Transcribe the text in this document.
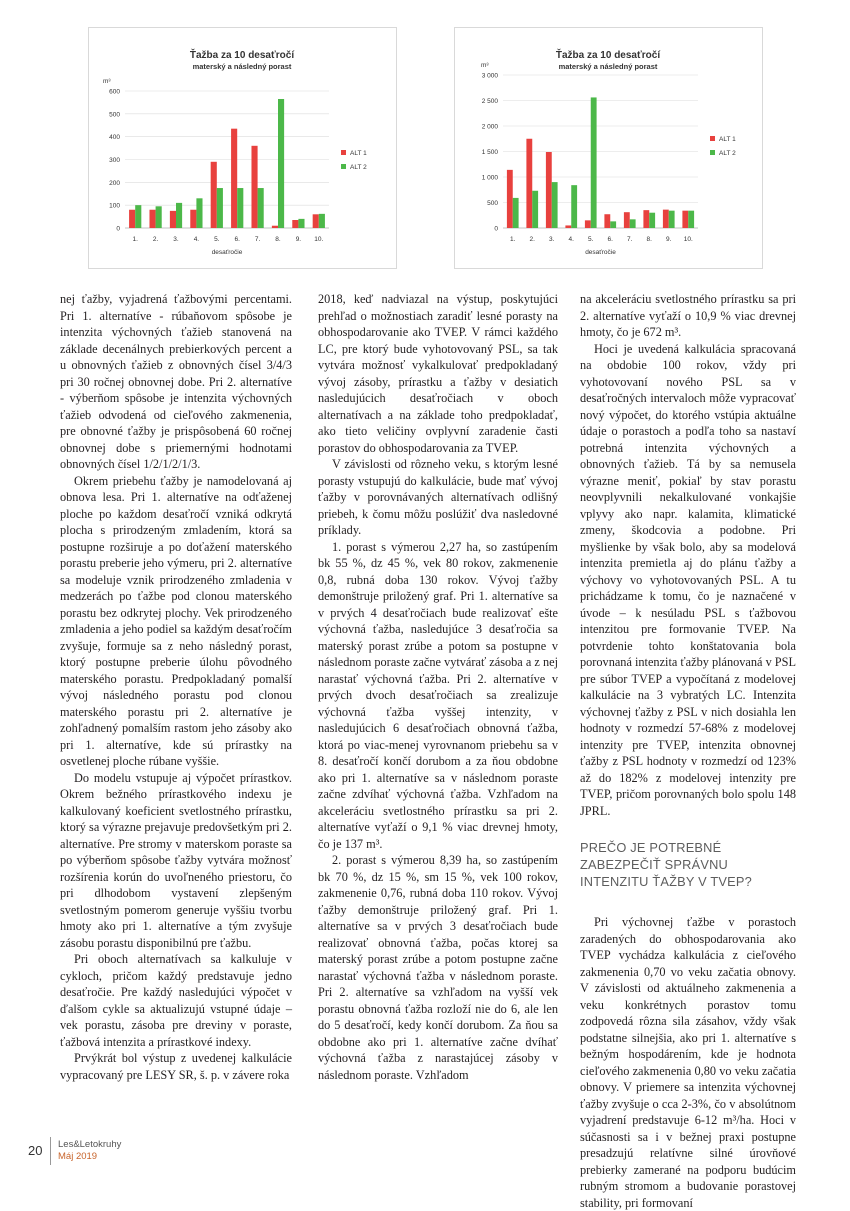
Ťažba za 10 desaťročí
materský a následný porast
m³
0
100
200
300
400
500
600
1. 2. 3. 4. 5. 6. 7. 8. 9. 10.
desaťročie
ALT 1
ALT 2
Ťažba za 10 desaťročí
materský a následný porast
m³
0
500
1 000
1 500
2 000
2 500
3 000
1. 2. 3. 4. 5. 6. 7. 8. 9. 10.
desaťročie
ALT 1
ALT 2

nej ťažby, vyjadrená ťažbovými percentami. Pri 1. alternatíve - rúbaňovom spôsobe je intenzita výchovných ťažieb stanovená na základe decenálnych prebierkových percent a u obnovných ťažieb z obnovných čísel 3/4/3 pri 30 ročnej obnovnej dobe. Pri 2. alternatíve - výberňom spôsobe je intenzita výchovných ťažieb odvodená od cieľového zakmenenia, pre obnovné ťažby je prispôsobená 60 ročnej obnovnej dobe s priemernými hodnotami obnovných čísel 1/2/1/2/1/3.

Okrem priebehu ťažby je namodelovaná aj obnova lesa. Pri 1. alternatíve na odťaženej ploche po každom desaťročí vzniká odkrytá plocha s prirodzeným zmladením, ktorá sa postupne rozširuje a po doťažení materského porastu preberie jeho výmeru, pri 2. alternatíve sa modeluje vznik prirodzeného zmladenia v medzerách po ťažbe pod clonou materského porastu bez odkrytej plochy. Vek prirodzeného zmladenia a jeho podiel sa každým desaťročím zvyšuje, formuje sa z neho následný porast, ktorý postupne preberie úlohu pôvodného materského porastu. Predpokladaný pomalší vývoj následného porastu pod clonou materského porastu pri 2. alternatíve je zohľadnený pomalším rastom jeho zásoby ako pri 1. alternatíve, kde sú prírastky na osvetlenej ploche rúbane vyššie.

Do modelu vstupuje aj výpočet prírastkov. Okrem bežného prírastkového indexu je kalkulovaný koeficient svetlostného prírastku, ktorý sa výrazne prejavuje predovšetkým pri 2. alternatíve. Pre stromy v materskom poraste sa po výberňom spôsobe ťažby vytvára možnosť rozšírenia korún do uvoľneného priestoru, čo pri dlhodobom vystavení zlepšeným svetlostným pomerom generuje vyššiu tvorbu hmoty ako pri 1. alternatíve a tým zvyšuje zásobu porastu disponibilnú pre ťažbu.

Pri oboch alternatívach sa kalkuluje v cykloch, pričom každý predstavuje jedno desaťročie. Pre každý nasledujúci výpočet v ďalšom cykle sa aktualizujú vstupné údaje – vek porastu, zásoba pre dreviny v poraste, ťažbová intenzita a prírastkové indexy.

Prvýkrát bol výstup z uvedenej kalkulácie vypracovaný pre LESY SR, š. p. v závere roka

2018, keď nadviazal na výstup, poskytujúci prehľad o možnostiach zaradiť lesné porasty na obhospodarovanie ako TVEP. V rámci každého LC, pre ktorý bude vyhotovovaný PSL, sa tak vytvára možnosť vykalkulovať predpokladaný vývoj zásoby, prírastku a ťažby v desiatich nasledujúcich desaťročiach v oboch alternatívach a na základe toho predpokladať, ako tieto veličiny ovplyvní zaradenie časti porastov do obhospodarovania za TVEP.

V závislosti od rôzneho veku, s ktorým lesné porasty vstupujú do kalkulácie, bude mať vývoj ťažby v porovnávaných alternatívach odlišný priebeh, k čomu môžu poslúžiť dva nasledovné príklady.

1. porast s výmerou 2,27 ha, so zastúpením bk 55 %, dz 45 %, vek 80 rokov, zakmenenie 0,8, rubná doba 130 rokov. Vývoj ťažby demonštruje priložený graf. Pri 1. alternatíve sa v prvých 4 desaťročiach bude realizovať ešte výchovná ťažba, nasledujúce 3 desaťročia sa materský porast zrúbe a potom sa postupne v následnom poraste začne vytvárať zásoba a z nej narastať výchovná ťažba. Pri 2. alternatíve v prvých dvoch desaťročiach sa zrealizuje výchovná ťažba vyššej intenzity, v nasledujúcich 6 desaťročiach obnovná ťažba, ktorá po viac-menej vyrovnanom priebehu sa v 8. desaťročí končí dorubom a za ňou obdobne ako pri 1. alternatíve sa v následnom poraste začne zdvíhať výchovná ťažba. Vzhľadom na akceleráciu svetlostného prírastku sa pri 2. alternatíve vyťaží o 9,1 % viac drevnej hmoty, čo je 137 m³.

2. porast s výmerou 8,39 ha, so zastúpením bk 70 %, dz 15 %, sm 15 %, vek 100 rokov, zakmenenie 0,76, rubná doba 110 rokov. Vývoj ťažby demonštruje priložený graf. Pri 1. alternatíve sa v prvých 3 desaťročiach bude realizovať obnovná ťažba, počas ktorej sa materský porast zrúbe a potom postupne začne narastať výchovná ťažba v následnom poraste. Pri 2. alternatíve sa vzhľadom na vyšší vek porastu obnovná ťažba rozloží nie do 6, ale len do 5 desaťročí, kedy končí dorubom. Za ňou sa obdobne ako pri 1. alternatíve začne dvíhať výchovná ťažba z narastajúcej zásoby v následnom poraste. Vzhľadom

na akceleráciu svetlostného prírastku sa pri 2. alternatíve vyťaží o 10,9 % viac drevnej hmoty, čo je 672 m³.

Hoci je uvedená kalkulácia spracovaná na obdobie 100 rokov, vždy pri vyhotovovaní nového PSL sa v desaťročných intervaloch môže vypracovať nový výpočet, do ktorého vstúpia aktuálne údaje o porastoch a podľa toho sa nastaví potrebná intenzita výchovných a obnovných ťažieb. Tá by sa nemusela výrazne meniť, pokiaľ by stav porastu neovplyvnili nekalkulované vonkajšie vplyvy ako napr. kalamita, klimatické zmeny, škodcovia a podobne. Pri myšlienke by však bolo, aby sa modelová intenzita premietla aj do plánu ťažby a výchovy vo vyhotovovaných PSL. A tu prichádzame k tomu, čo je naznačené v úvode – k nesúladu PSL s ťažbovou intenzitou pre formovanie TVEP. Na potvrdenie tohto konštatovania bola porovnaná intenzita ťažby plánovaná v PSL pre súbor TVEP a vypočítaná z modelovej kalkulácie na 3 vybratých LC. Intenzita výchovnej ťažby z PSL v nich dosiahla len hodnoty v rozmedzí 57-68% z modelovej intenzity pre TVEP, intenzita obnovnej ťažby z PSL hodnoty v rozmedzí od 123% až do 182% z modelovej intenzity pre TVEP, pričom porovnaných bolo spolu 148 JPRL.

PREČO JE POTREBNÉ ZABEZPEČIŤ SPRÁVNU INTENZITU ŤAŽBY V TVEP?

Pri výchovnej ťažbe v porastoch zaradených do obhospodarovania ako TVEP vychádza kalkulácia z cieľového zakmenenia 0,70 vo veku začatia obnovy. V závislosti od aktuálneho zakmenenia a veku konkrétnych porastov tomu zodpovedá rôzna sila zásahov, vždy však podstatne silnejšia, ako pri 1. alternatíve s bežným hospodárením, kde je hodnota cieľového zakmenenia 0,80 vo veku začatia obnovy. V priemere sa intenzita výchovnej ťažby zvyšuje o cca 2-3%, čo v absolútnom vyjadrení predstavuje 6-12 m³/ha. Hoci v súčasnosti sa i v bežnej praxi postupne presadzujú relatívne silné úrovňové prebierky zamerané na podporu budúcim rubným stromom a budovanie porastovej stability, pri formovaní

20 Les&Letokruhy
Máj 2019
